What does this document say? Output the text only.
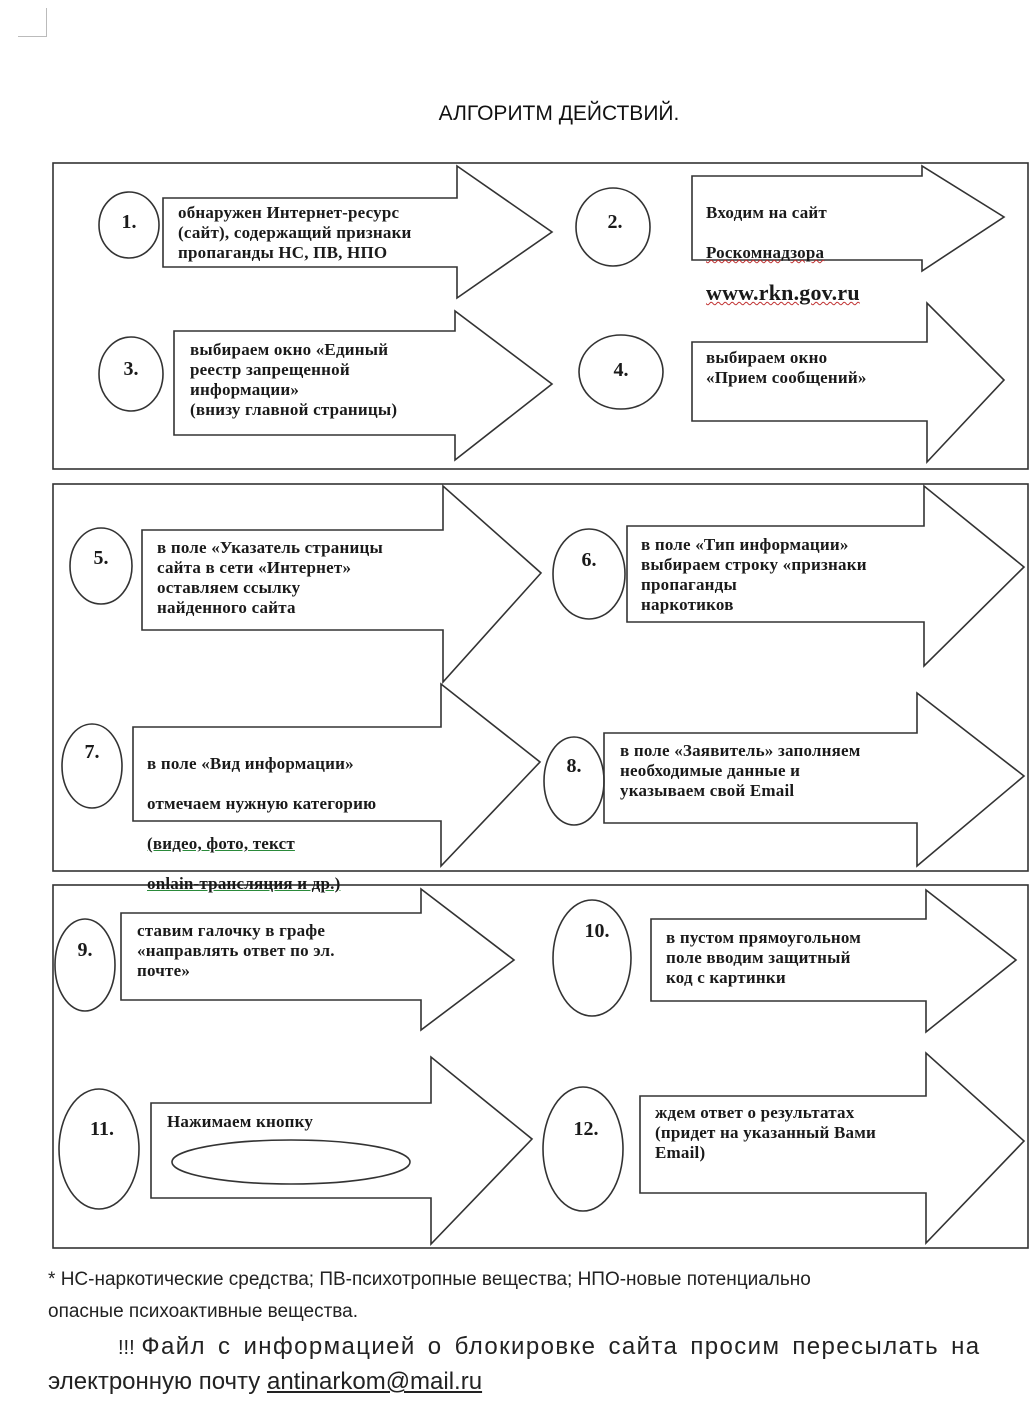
АЛГОРИТМ ДЕЙСТВИЙ.
1.	2.
3.	4.
5.	6.
7.
8.
9.
10.
11.	12.
обнаружен Интернет-ресурс
(сайт), содержащий признаки
пропаганды НС, ПВ, НПО

Входим на сайт

Роскомнадзора

www.rkn.gov.ru

выбираем окно «Единый
реестр запрещенной
информации»
(внизу главной страницы)
выбираем окно
«Прием сообщений»
в поле «Указатель страницы
сайта в сети «Интернет»
оставляем ссылку
найденного сайта
в поле «Тип информации»
выбираем строку «признаки
пропаганды
наркотиков

в поле «Вид информации»

отмечаем нужную категорию

(видео, фото, текст

onlain-трансляция и др.)

в поле «Заявитель» заполняем
необходимые данные и
указываем свой Email
ставим галочку в графе
«направлять ответ по эл.
почте»
в пустом прямоугольном
поле вводим защитный
код с картинки
Нажимаем кнопку	ждем ответ о результатах
(придет на указанный Вами
Email)
* НС-наркотические средства; ПВ-психотропные вещества; НПО-новые потенциально
опасные психоактивные вещества.
!!! Файл с информацией о блокировке сайта просим пересылать на
электронную почту antinarkom@mail.ru
